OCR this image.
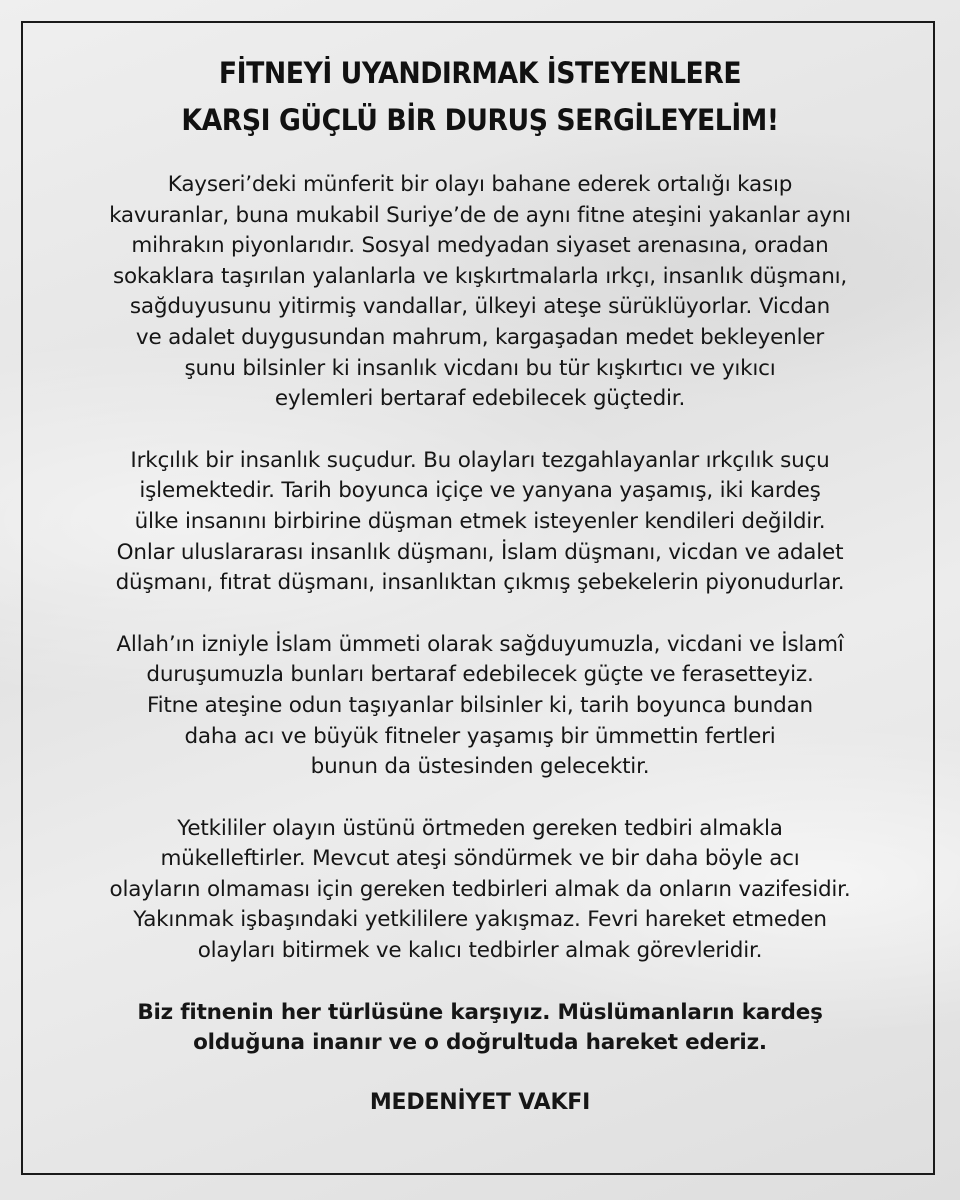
FİTNEYİ UYANDIRMAK İSTEYENLERE
KARŞI GÜÇLÜ BİR DURUŞ SERGİLEYELİM!

Kayseri’deki münferit bir olayı bahane ederek ortalığı kasıp
kavuranlar, buna mukabil Suriye’de de aynı fitne ateşini yakanlar aynı
mihrakın piyonlarıdır. Sosyal medyadan siyaset arenasına, oradan
sokaklara taşırılan yalanlarla ve kışkırtmalarla ırkçı, insanlık düşmanı,
sağduyusunu yitirmiş vandallar, ülkeyi ateşe sürüklüyorlar. Vicdan
ve adalet duygusundan mahrum, kargaşadan medet bekleyenler
şunu bilsinler ki insanlık vicdanı bu tür kışkırtıcı ve yıkıcı
eylemleri bertaraf edebilecek güçtedir.

Irkçılık bir insanlık suçudur. Bu olayları tezgahlayanlar ırkçılık suçu
işlemektedir. Tarih boyunca içiçe ve yanyana yaşamış, iki kardeş
ülke insanını birbirine düşman etmek isteyenler kendileri değildir.
Onlar uluslararası insanlık düşmanı, İslam düşmanı, vicdan ve adalet
düşmanı, fıtrat düşmanı, insanlıktan çıkmış şebekelerin piyonudurlar.

Allah’ın izniyle İslam ümmeti olarak sağduyumuzla, vicdani ve İslamî
duruşumuzla bunları bertaraf edebilecek güçte ve ferasetteyiz.
Fitne ateşine odun taşıyanlar bilsinler ki, tarih boyunca bundan
daha acı ve büyük fitneler yaşamış bir ümmettin fertleri
bunun da üstesinden gelecektir.

Yetkililer olayın üstünü örtmeden gereken tedbiri almakla
mükelleftirler. Mevcut ateşi söndürmek ve bir daha böyle acı
olayların olmaması için gereken tedbirleri almak da onların vazifesidir.
Yakınmak işbaşındaki yetkililere yakışmaz. Fevri hareket etmeden
olayları bitirmek ve kalıcı tedbirler almak görevleridir.

Biz fitnenin her türlüsüne karşıyız. Müslümanların kardeş
olduğuna inanır ve o doğrultuda hareket ederiz.

MEDENİYET VAKFI
